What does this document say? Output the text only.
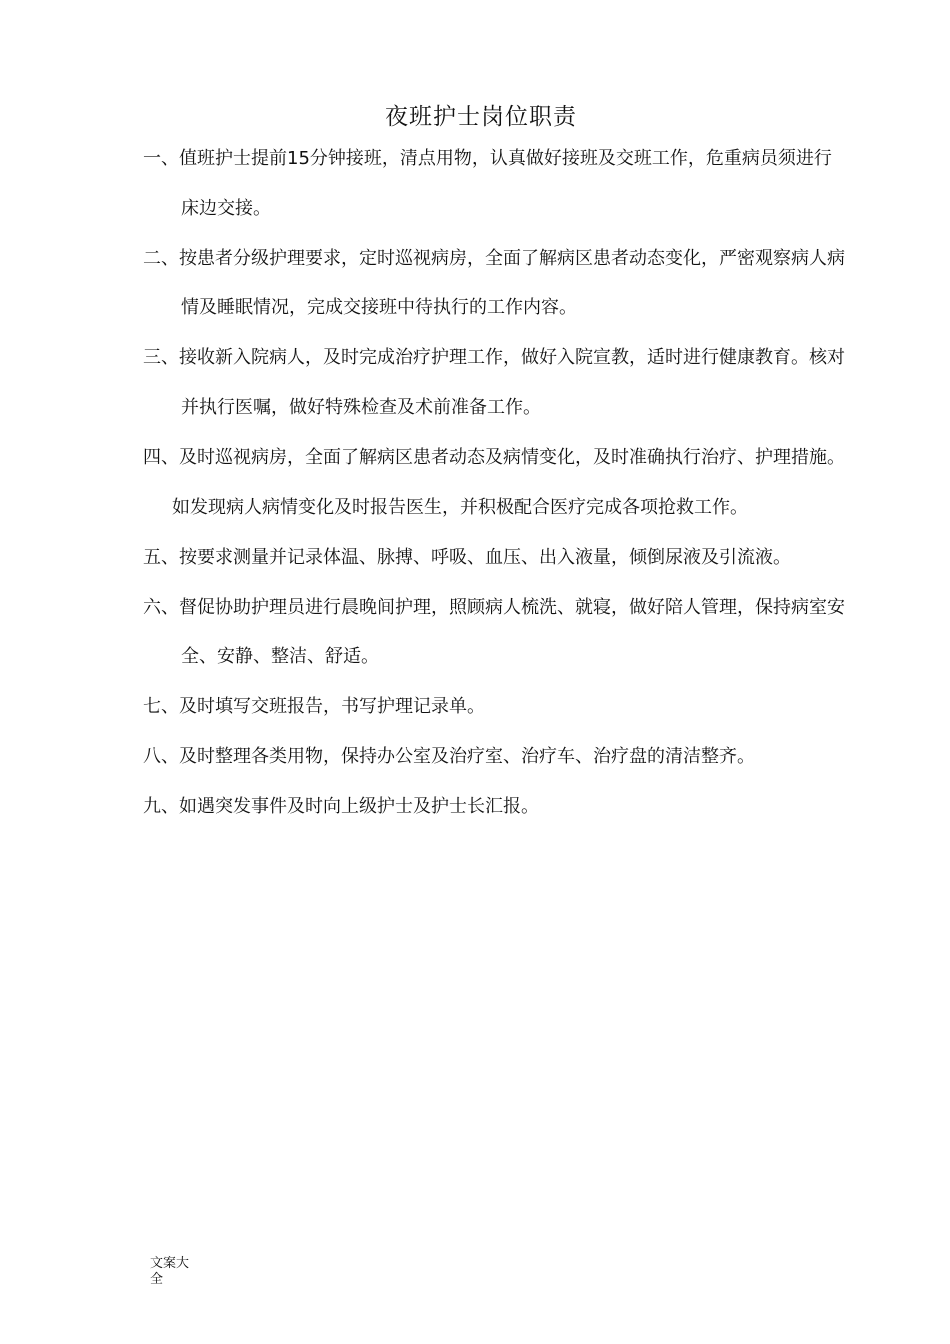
夜班护士岗位职责
一、值班护士提前15分钟接班，清点用物，认真做好接班及交班工作，危重病员须进行
床边交接。
二、按患者分级护理要求，定时巡视病房，全面了解病区患者动态变化，严密观察病人病
情及睡眠情况，完成交接班中待执行的工作内容。
三、接收新入院病人，及时完成治疗护理工作，做好入院宣教，适时进行健康教育。核对
并执行医嘱，做好特殊检查及术前准备工作。
四、及时巡视病房，全面了解病区患者动态及病情变化，及时准确执行治疗、护理措施。
如发现病人病情变化及时报告医生，并积极配合医疗完成各项抢救工作。
五、按要求测量并记录体温、脉搏、呼吸、血压、出入液量，倾倒尿液及引流液。
六、督促协助护理员进行晨晚间护理，照顾病人梳洗、就寝，做好陪人管理，保持病室安
全、安静、整洁、舒适。
七、及时填写交班报告，书写护理记录单。
八、及时整理各类用物，保持办公室及治疗室、治疗车、治疗盘的清洁整齐。
九、如遇突发事件及时向上级护士及护士长汇报。
文案大全
